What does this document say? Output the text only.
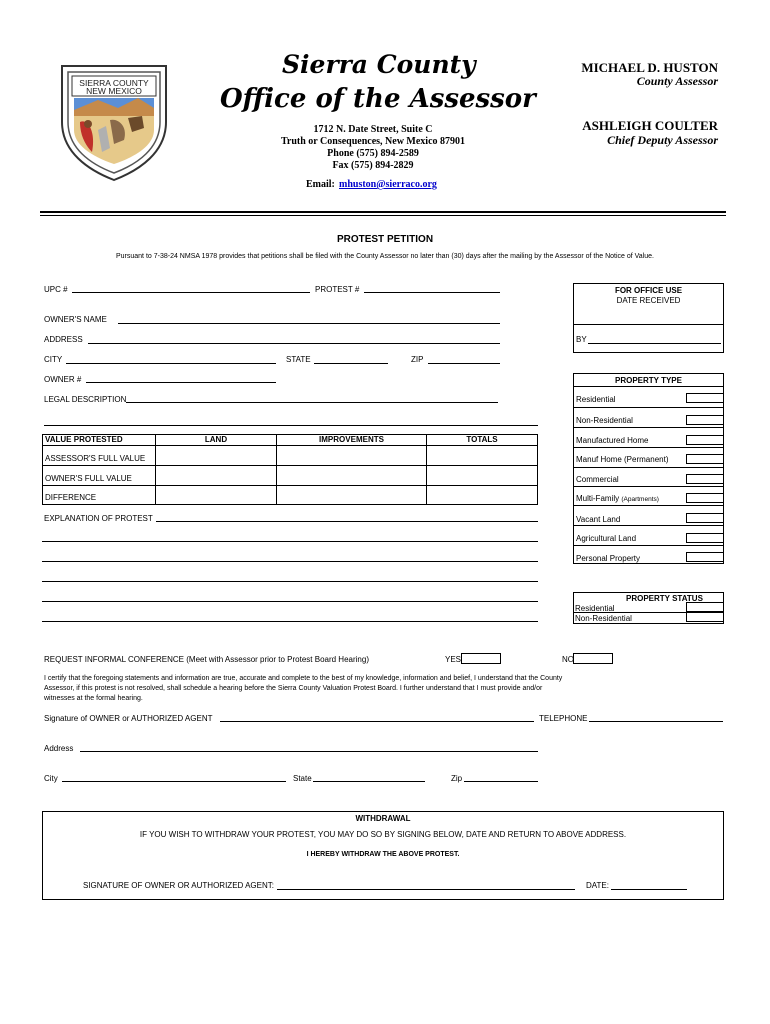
SIERRA COUNTY NEW MEXICO
Sierra County
Office of the Assessor
1712 N. Date Street, Suite C
Truth or Consequences, New Mexico 87901
Phone (575) 894-2589
Fax (575) 894-2829
Email: mhuston@sierraco.org
MICHAEL D. HUSTON
County Assessor
ASHLEIGH COULTER
Chief Deputy Assessor
PROTEST PETITION
Pursuant to 7-38-24 NMSA 1978 provides that petitions shall be filed with the County Assessor no later than (30) days after the mailing by the Assessor of the Notice of Value.
UPC #	PROTEST #
OWNER'S NAME
ADDRESS
CITY	STATE	ZIP
OWNER #
LEGAL DESCRIPTION
FOR OFFICE USE
DATE RECEIVED
BY
VALUE PROTESTED	LAND	IMPROVEMENTS	TOTALS
ASSESSOR'S FULL VALUE
OWNER'S FULL VALUE
DIFFERENCE
PROPERTY TYPE
Residential
Non-Residential
Manufactured Home
Manuf Home (Permanent)
Commercial
Multi-Family (Apartments)
Vacant Land
Agricultural Land
Personal Property
EXPLANATION OF PROTEST
PROPERTY STATUS
Residential
Non-Residential
REQUEST INFORMAL CONFERENCE (Meet with Assessor prior to Protest Board Hearing)	YES	NO
I certify that the foregoing statements and information are true, accurate and complete to the best of my knowledge, information and belief, I understand that the County
Assessor, if this protest is not resolved, shall schedule a hearing before the Sierra County Valuation Protest Board. I further understand that I must provide and/or
witnesses at the formal hearing.
Signature of OWNER or AUTHORIZED AGENT	TELEPHONE
Address
City	State	Zip
WITHDRAWAL
IF YOU WISH TO WITHDRAW YOUR PROTEST, YOU MAY DO SO BY SIGNING BELOW, DATE AND RETURN TO ABOVE ADDRESS.
I HEREBY WITHDRAW THE ABOVE PROTEST.
SIGNATURE OF OWNER OR AUTHORIZED AGENT:	DATE:
